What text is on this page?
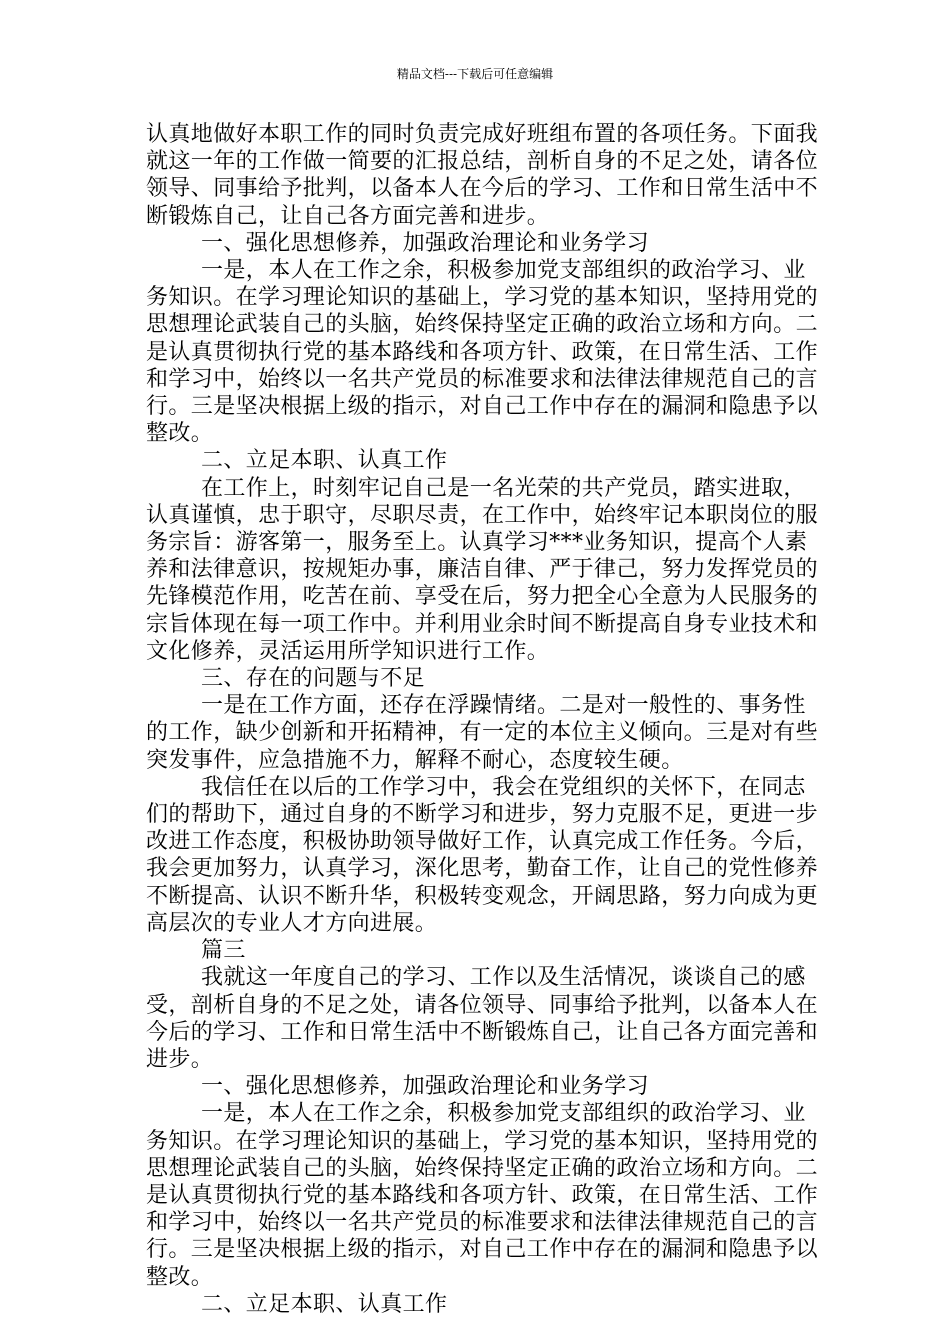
精品文档---下载后可任意编辑

认真地做好本职工作的同时负责完成好班组布置的各项任务。下面我就这一年的工作做一简要的汇报总结，剖析自身的不足之处，请各位领导、同事给予批判，以备本人在今后的学习、工作和日常生活中不断锻炼自己，让自己各方面完善和进步。

一、强化思想修养，加强政治理论和业务学习

一是，本人在工作之余，积极参加党支部组织的政治学习、业务知识。在学习理论知识的基础上，学习党的基本知识，坚持用党的思想理论武装自己的头脑，始终保持坚定正确的政治立场和方向。二是认真贯彻执行党的基本路线和各项方针、政策，在日常生活、工作和学习中，始终以一名共产党员的标准要求和法律法律规范自己的言行。三是坚决根据上级的指示，对自己工作中存在的漏洞和隐患予以整改。

二、立足本职、认真工作

在工作上，时刻牢记自己是一名光荣的共产党员，踏实进取，认真谨慎，忠于职守，尽职尽责，在工作中，始终牢记本职岗位的服务宗旨：游客第一，服务至上。认真学习***业务知识，提高个人素养和法律意识，按规矩办事，廉洁自律、严于律己，努力发挥党员的先锋模范作用，吃苦在前、享受在后，努力把全心全意为人民服务的宗旨体现在每一项工作中。并利用业余时间不断提高自身专业技术和文化修养，灵活运用所学知识进行工作。

三、存在的问题与不足

一是在工作方面，还存在浮躁情绪。二是对一般性的、事务性的工作，缺少创新和开拓精神，有一定的本位主义倾向。三是对有些突发事件，应急措施不力，解释不耐心，态度较生硬。

我信任在以后的工作学习中，我会在党组织的关怀下，在同志们的帮助下，通过自身的不断学习和进步，努力克服不足，更进一步改进工作态度，积极协助领导做好工作，认真完成工作任务。今后，我会更加努力，认真学习，深化思考，勤奋工作，让自己的党性修养不断提高、认识不断升华，积极转变观念，开阔思路，努力向成为更高层次的专业人才方向进展。

篇三

我就这一年度自己的学习、工作以及生活情况，谈谈自己的感受，剖析自身的不足之处，请各位领导、同事给予批判，以备本人在今后的学习、工作和日常生活中不断锻炼自己，让自己各方面完善和进步。

一、强化思想修养，加强政治理论和业务学习

一是，本人在工作之余，积极参加党支部组织的政治学习、业务知识。在学习理论知识的基础上，学习党的基本知识，坚持用党的思想理论武装自己的头脑，始终保持坚定正确的政治立场和方向。二是认真贯彻执行党的基本路线和各项方针、政策，在日常生活、工作和学习中，始终以一名共产党员的标准要求和法律法律规范自己的言行。三是坚决根据上级的指示，对自己工作中存在的漏洞和隐患予以整改。

二、立足本职、认真工作
